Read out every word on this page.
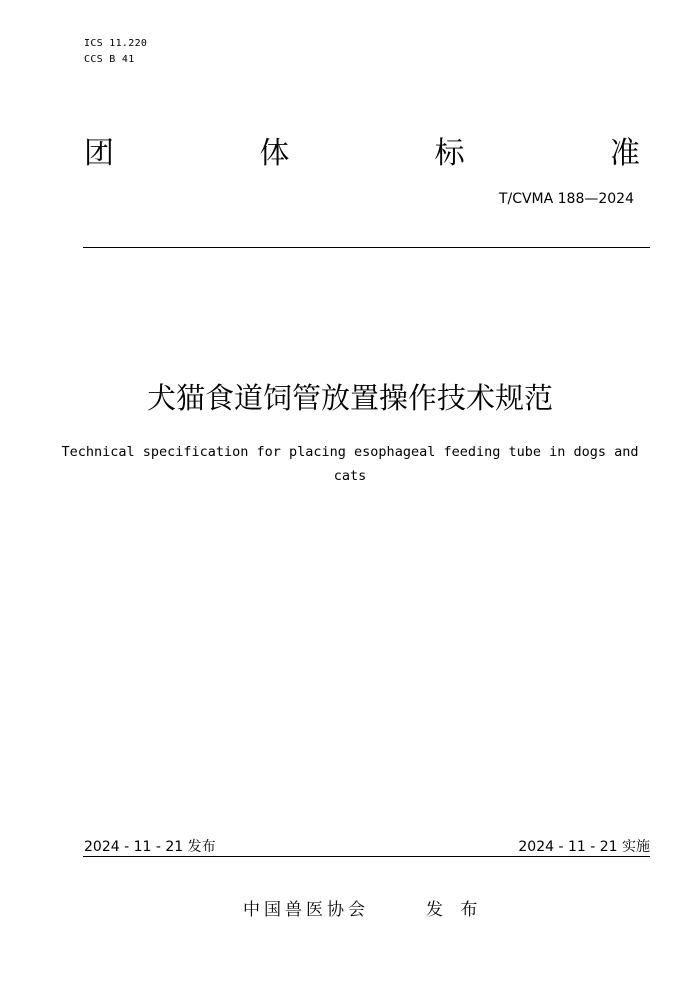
ICS 11.220
CCS B 41
团	体	标	准
T/CVMA 188—2024
犬猫食道饲管放置操作技术规范
Technical specification for placing esophageal feeding tube in dogs and
cats
2024 - 11 - 21 发布	2024 - 11 - 21 实施
中国兽医协会	发 布
